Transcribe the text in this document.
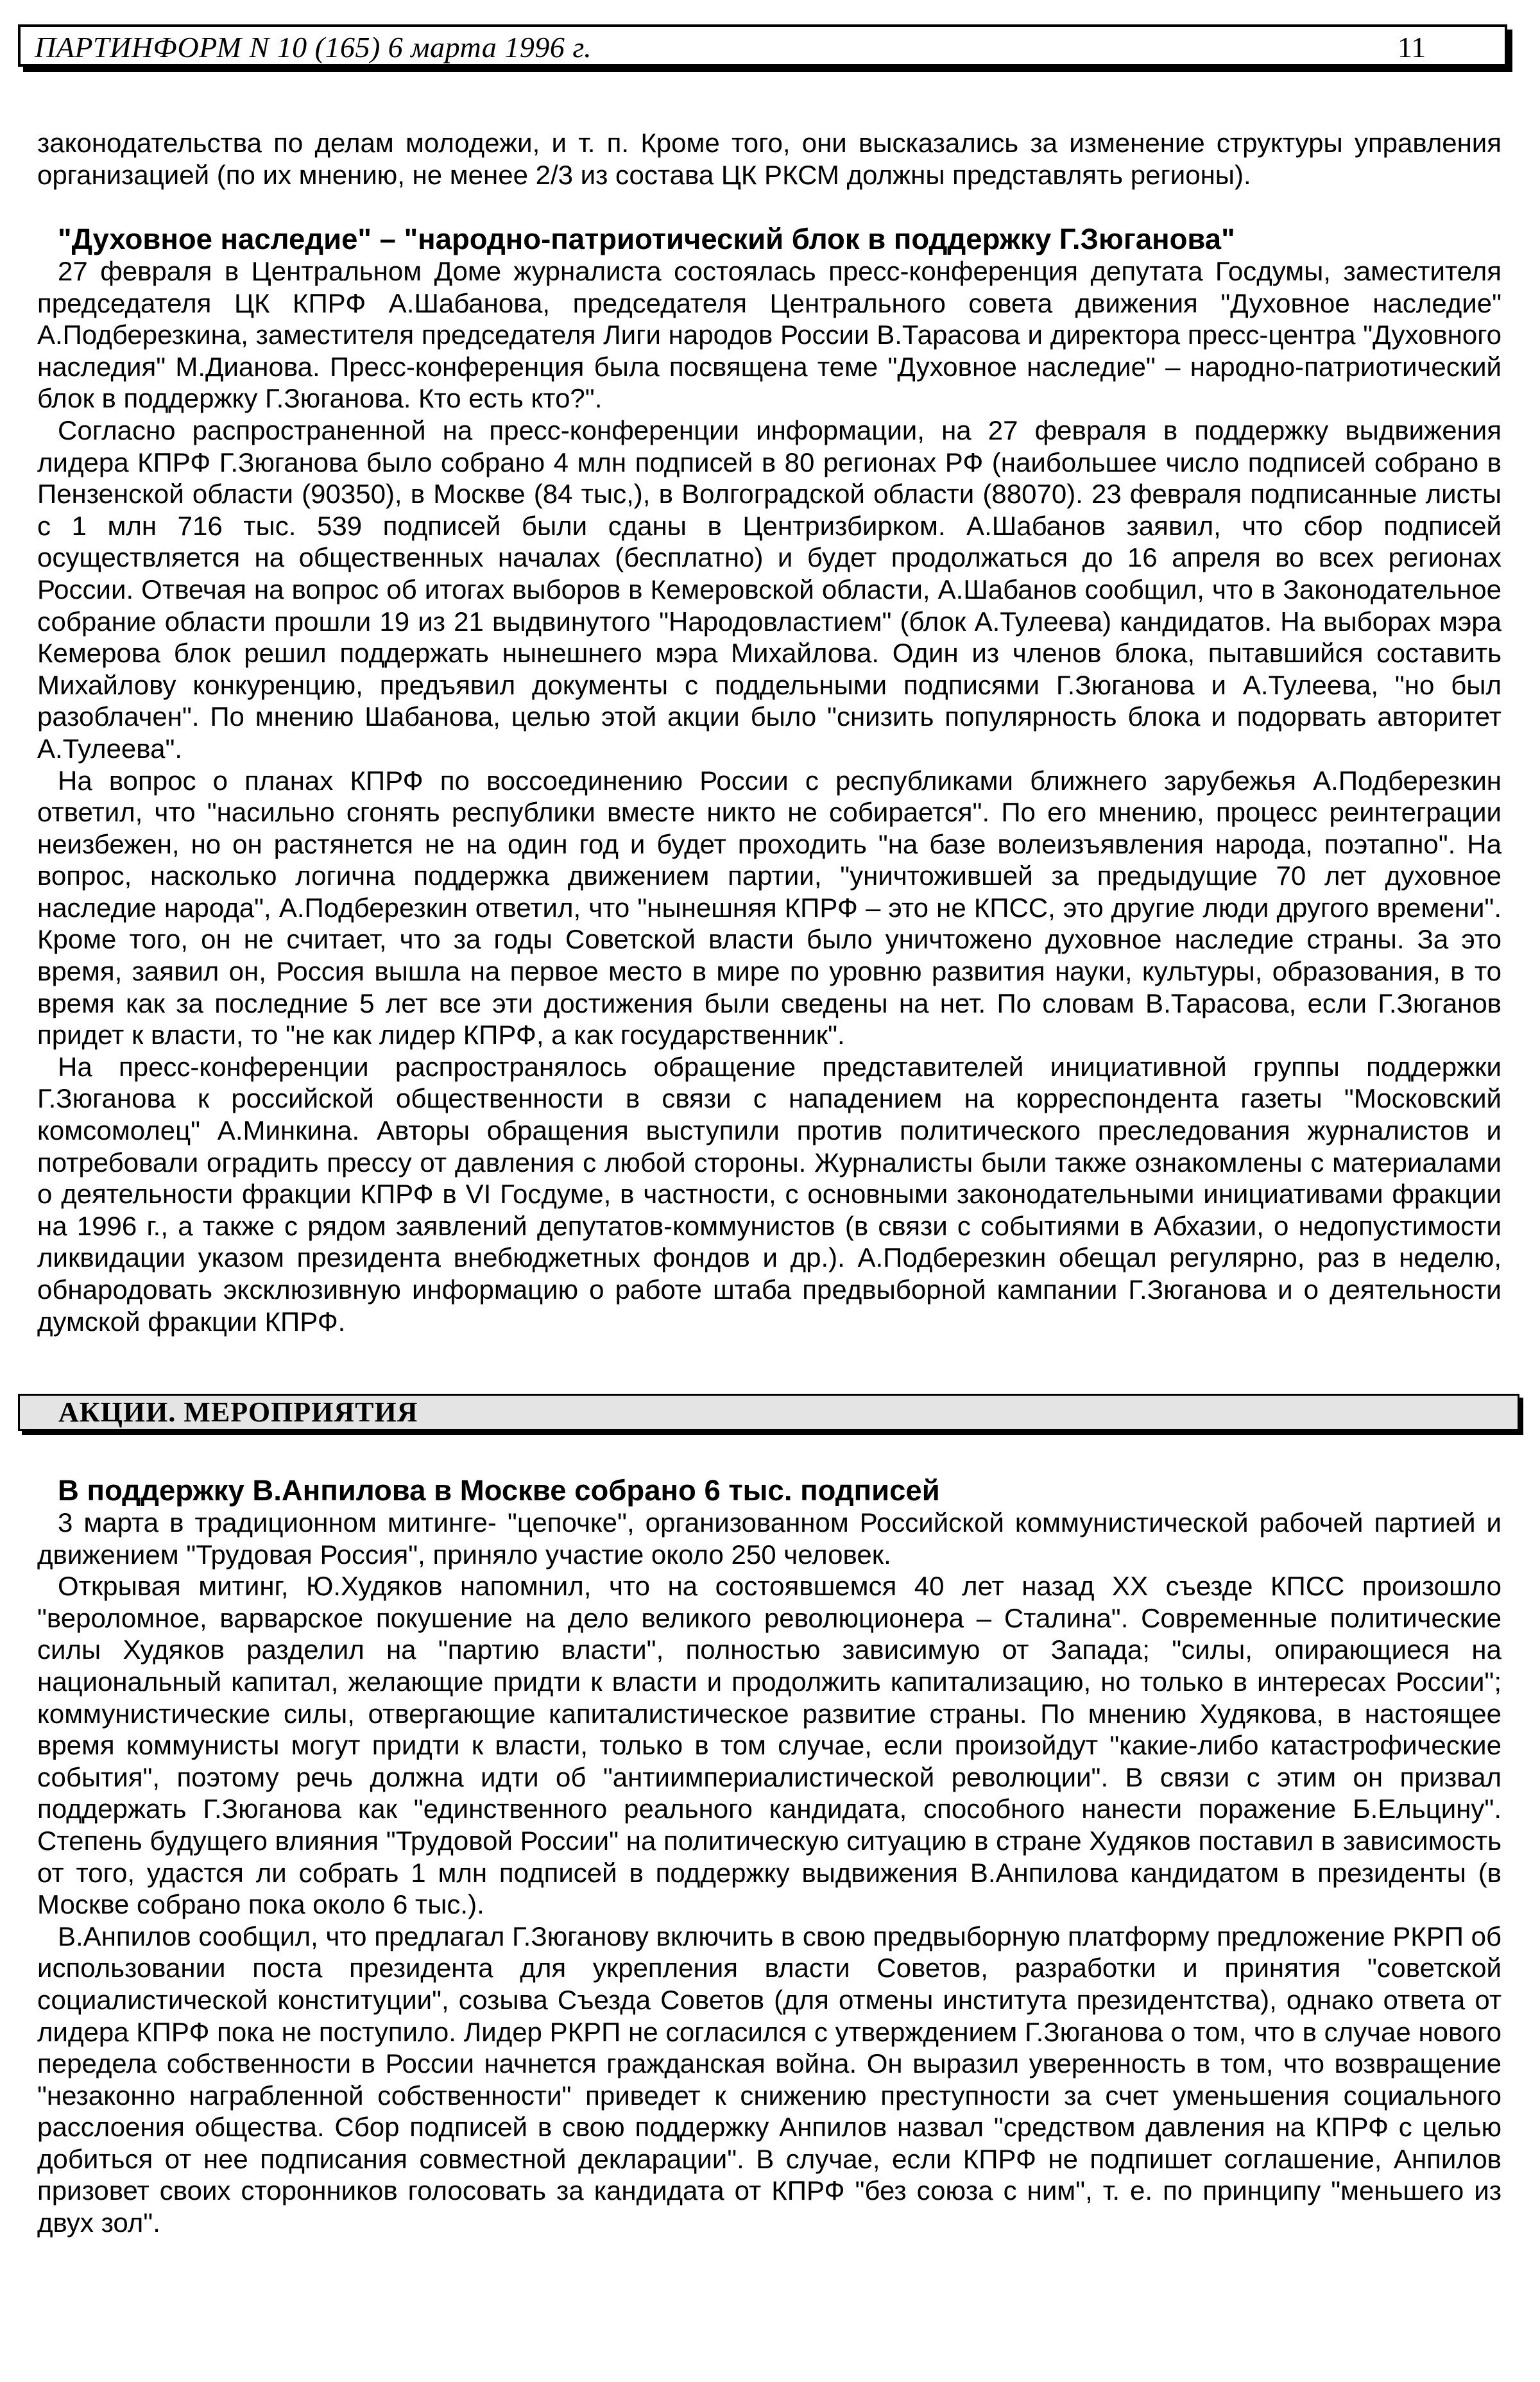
ПАРТИНФОРМ N 10 (165) 6 марта 1996 г.	11

законодательства по делам молодежи, и т. п. Кроме того, они высказались за изменение структуры управления организацией (по их мнению, не менее 2/3 из состава ЦК РКСМ должны представлять регионы).

"Духовное наследие" – "народно-патриотический блок в поддержку Г.Зюганова"

27 февраля в Центральном Доме журналиста состоялась пресс-конференция депутата Госдумы, заместителя председателя ЦК КПРФ А.Шабанова, председателя Центрального совета движения "Духовное наследие" А.Подберезкина, заместителя председателя Лиги народов России В.Тарасова и директора пресс-центра "Духовного наследия" М.Дианова. Пресс-конференция была посвящена теме "Духовное наследие" – народно-патриотический блок в поддержку Г.Зюганова. Кто есть кто?".

Согласно распространенной на пресс-конференции информации, на 27 февраля в поддержку выдвижения лидера КПРФ Г.Зюганова было собрано 4 млн подписей в 80 регионах РФ (наибольшее число подписей собрано в Пензенской области (90350), в Москве (84 тыс,), в Волгоградской области (88070). 23 февраля подписанные листы с 1 млн 716 тыс. 539 подписей были сданы в Центризбирком. А.Шабанов заявил, что сбор подписей осуществляется на общественных началах (бесплатно) и будет продолжаться до 16 апреля во всех регионах России. Отвечая на вопрос об итогах выборов в Кемеровской области, А.Шабанов сообщил, что в Законодательное собрание области прошли 19 из 21 выдвинутого "Народовластием" (блок А.Тулеева) кандидатов. На выборах мэра Кемерова блок решил поддержать нынешнего мэра Михайлова. Один из членов блока, пытавшийся составить Михайлову конкуренцию, предъявил документы с поддельными подписями Г.Зюганова и А.Тулеева, "но был разоблачен". По мнению Шабанова, целью этой акции было "снизить популярность блока и подорвать авторитет А.Тулеева".

На вопрос о планах КПРФ по воссоединению России с республиками ближнего зарубежья А.Подберезкин ответил, что "насильно сгонять республики вместе никто не собирается". По его мнению, процесс реинтеграции неизбежен, но он растянется не на один год и будет проходить "на базе волеизъявления народа, поэтапно". На вопрос, насколько логична поддержка движением партии, "уничтожившей за предыдущие 70 лет духовное наследие народа", А.Подберезкин ответил, что "нынешняя КПРФ – это не КПСС, это другие люди другого времени". Кроме того, он не считает, что за годы Советской власти было уничтожено духовное наследие страны. За это время, заявил он, Россия вышла на первое место в мире по уровню развития науки, культуры, образования, в то время как за последние 5 лет все эти достижения были сведены на нет. По словам В.Тарасова, если Г.Зюганов придет к власти, то "не как лидер КПРФ, а как государственник".

На пресс-конференции распространялось обращение представителей инициативной группы поддержки Г.Зюганова к российской общественности в связи с нападением на корреспондента газеты "Московский комсомолец" А.Минкина. Авторы обращения выступили против политического преследования журналистов и потребовали оградить прессу от давления с любой стороны. Журналисты были также ознакомлены с материалами о деятельности фракции КПРФ в VI Госдуме, в частности, с основными законодательными инициативами фракции на 1996 г., а также с рядом заявлений депутатов-коммунистов (в связи с событиями в Абхазии, о недопустимости ликвидации указом президента внебюджетных фондов и др.). А.Подберезкин обещал регулярно, раз в неделю, обнародовать эксклюзивную информацию о работе штаба предвыборной кампании Г.Зюганова и о деятельности думской фракции КПРФ.

АКЦИИ. МЕРОПРИЯТИЯ

В поддержку В.Анпилова в Москве собрано 6 тыс. подписей

3 марта в традиционном митинге- "цепочке", организованном Российской коммунистической рабочей партией и движением "Трудовая Россия", приняло участие около 250 человек.

Открывая митинг, Ю.Худяков напомнил, что на состоявшемся 40 лет назад XX съезде КПСС произошло "вероломное, варварское покушение на дело великого революционера – Сталина". Современные политические силы Худяков разделил на "партию власти", полностью зависимую от Запада; "силы, опирающиеся на национальный капитал, желающие придти к власти и продолжить капитализацию, но только в интересах России"; коммунистические силы, отвергающие капиталистическое развитие страны. По мнению Худякова, в настоящее время коммунисты могут придти к власти, только в том случае, если произойдут "какие-либо катастрофические события", поэтому речь должна идти об "антиимпериалистической революции". В связи с этим он призвал поддержать Г.Зюганова как "единственного реального кандидата, способного нанести поражение Б.Ельцину". Степень будущего влияния "Трудовой России" на политическую ситуацию в стране Худяков поставил в зависимость от того, удастся ли собрать 1 млн подписей в поддержку выдвижения В.Анпилова кандидатом в президенты (в Москве собрано пока около 6 тыс.).

В.Анпилов сообщил, что предлагал Г.Зюганову включить в свою предвыборную платформу предложение РКРП об использовании поста президента для укрепления власти Советов, разработки и принятия "советской социалистической конституции", созыва Съезда Советов (для отмены института президентства), однако ответа от лидера КПРФ пока не поступило. Лидер РКРП не согласился с утверждением Г.Зюганова о том, что в случае нового передела собственности в России начнется гражданская война. Он выразил уверенность в том, что возвращение "незаконно награбленной собственности" приведет к снижению преступности за счет уменьшения социального расслоения общества. Сбор подписей в свою поддержку Анпилов назвал "средством давления на КПРФ с целью добиться от нее подписания совместной декларации". В случае, если КПРФ не подпишет соглашение, Анпилов призовет своих сторонников голосовать за кандидата от КПРФ "без союза с ним", т. е. по принципу "меньшего из двух зол".
